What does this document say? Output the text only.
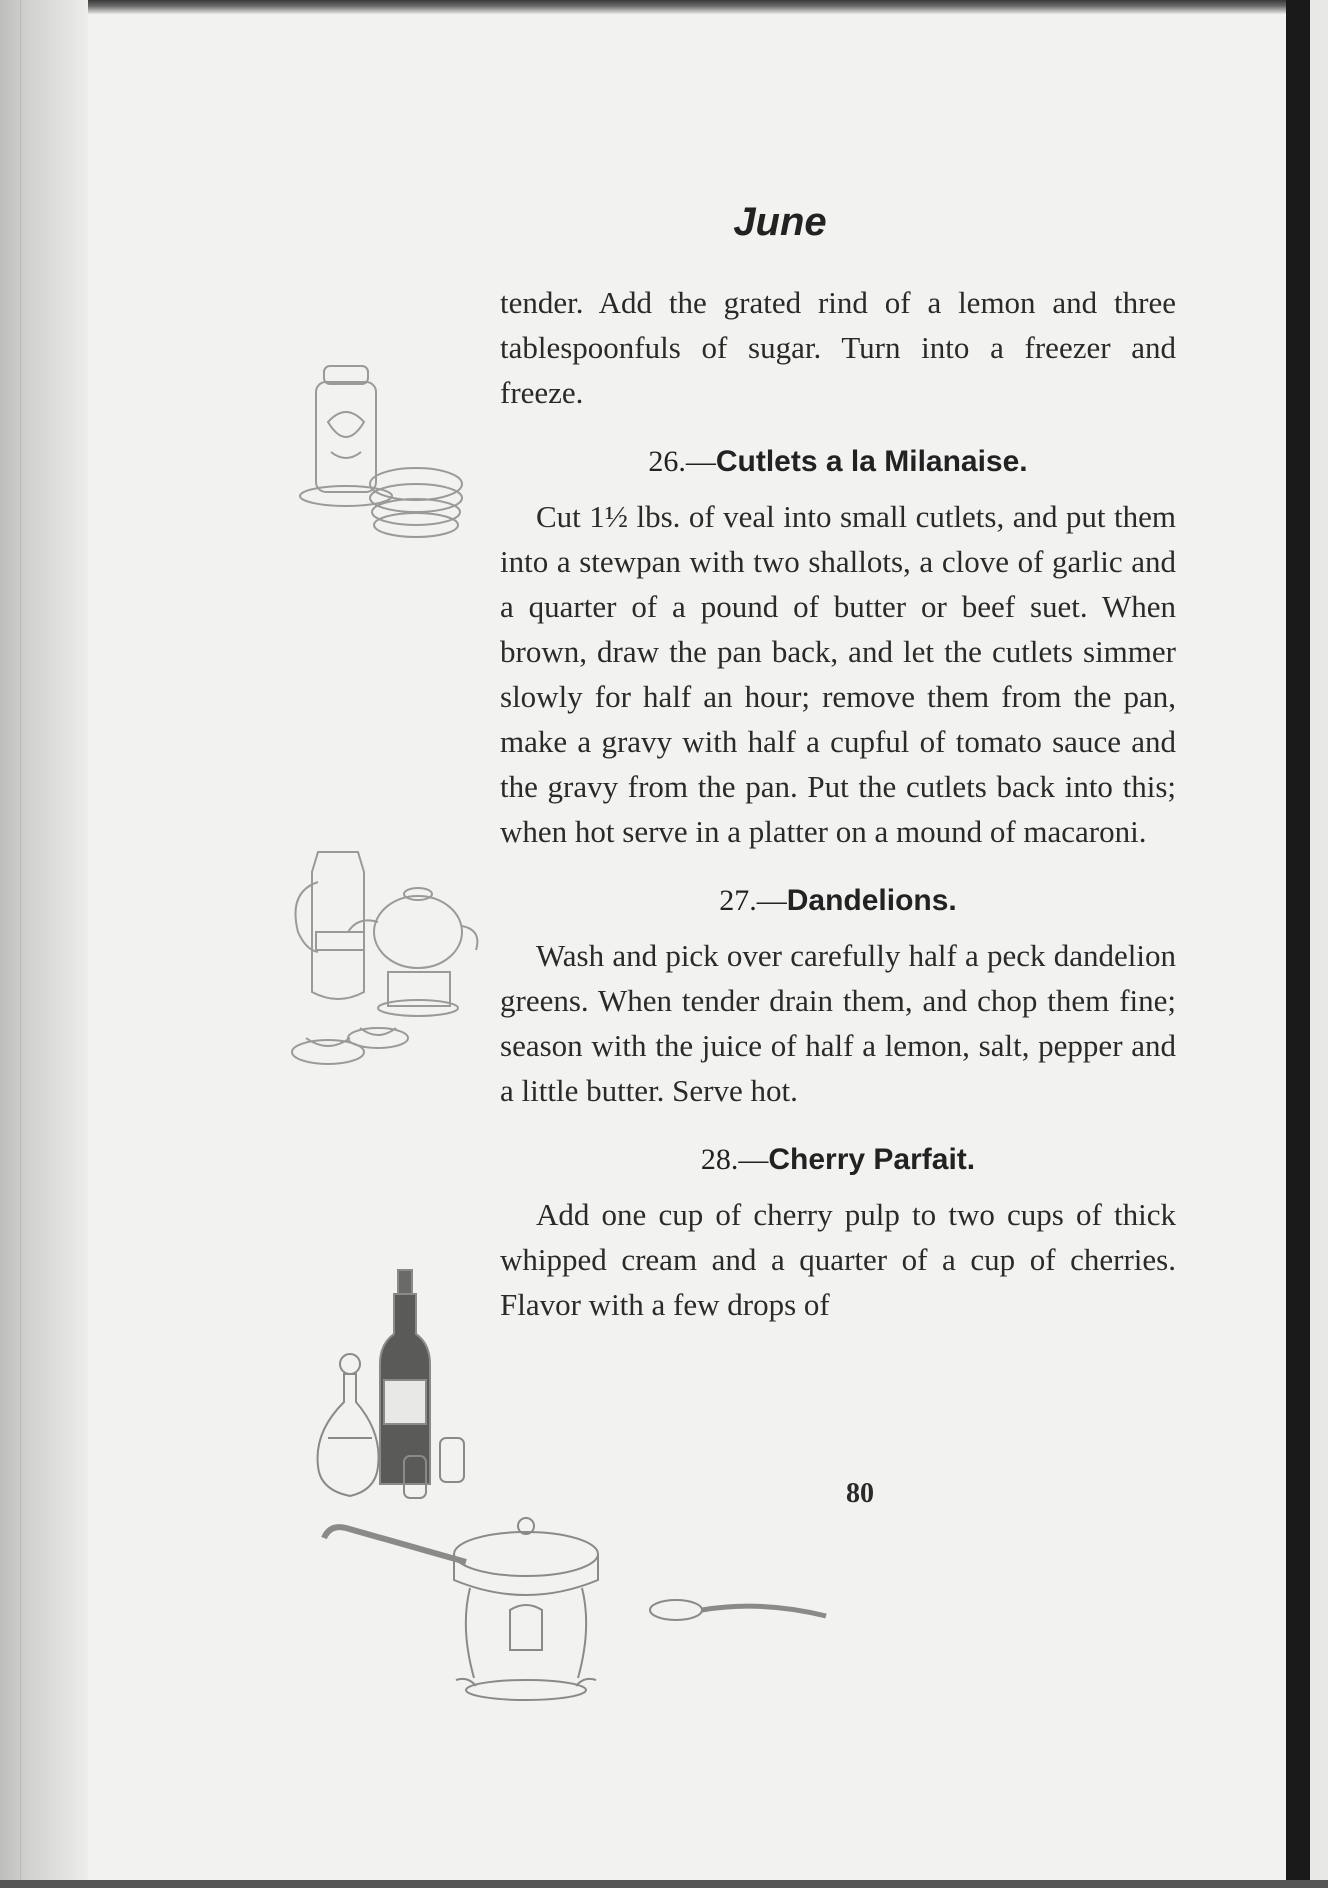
June

tender. Add the grated rind of a lemon and three tablespoonfuls of sugar. Turn into a freezer and freeze.

26.—Cutlets a la Milanaise.

Cut 1½ lbs. of veal into small cutlets, and put them into a stewpan with two shallots, a clove of garlic and a quarter of a pound of butter or beef suet. When brown, draw the pan back, and let the cutlets simmer slowly for half an hour; remove them from the pan, make a gravy with half a cupful of tomato sauce and the gravy from the pan. Put the cutlets back into this; when hot serve in a platter on a mound of macaroni.

27.—Dandelions.

Wash and pick over carefully half a peck dandelion greens. When tender drain them, and chop them fine; season with the juice of half a lemon, salt, pepper and a little butter. Serve hot.

28.—Cherry Parfait.

Add one cup of cherry pulp to two cups of thick whipped cream and a quarter of a cup of cherries. Flavor with a few drops of

80
